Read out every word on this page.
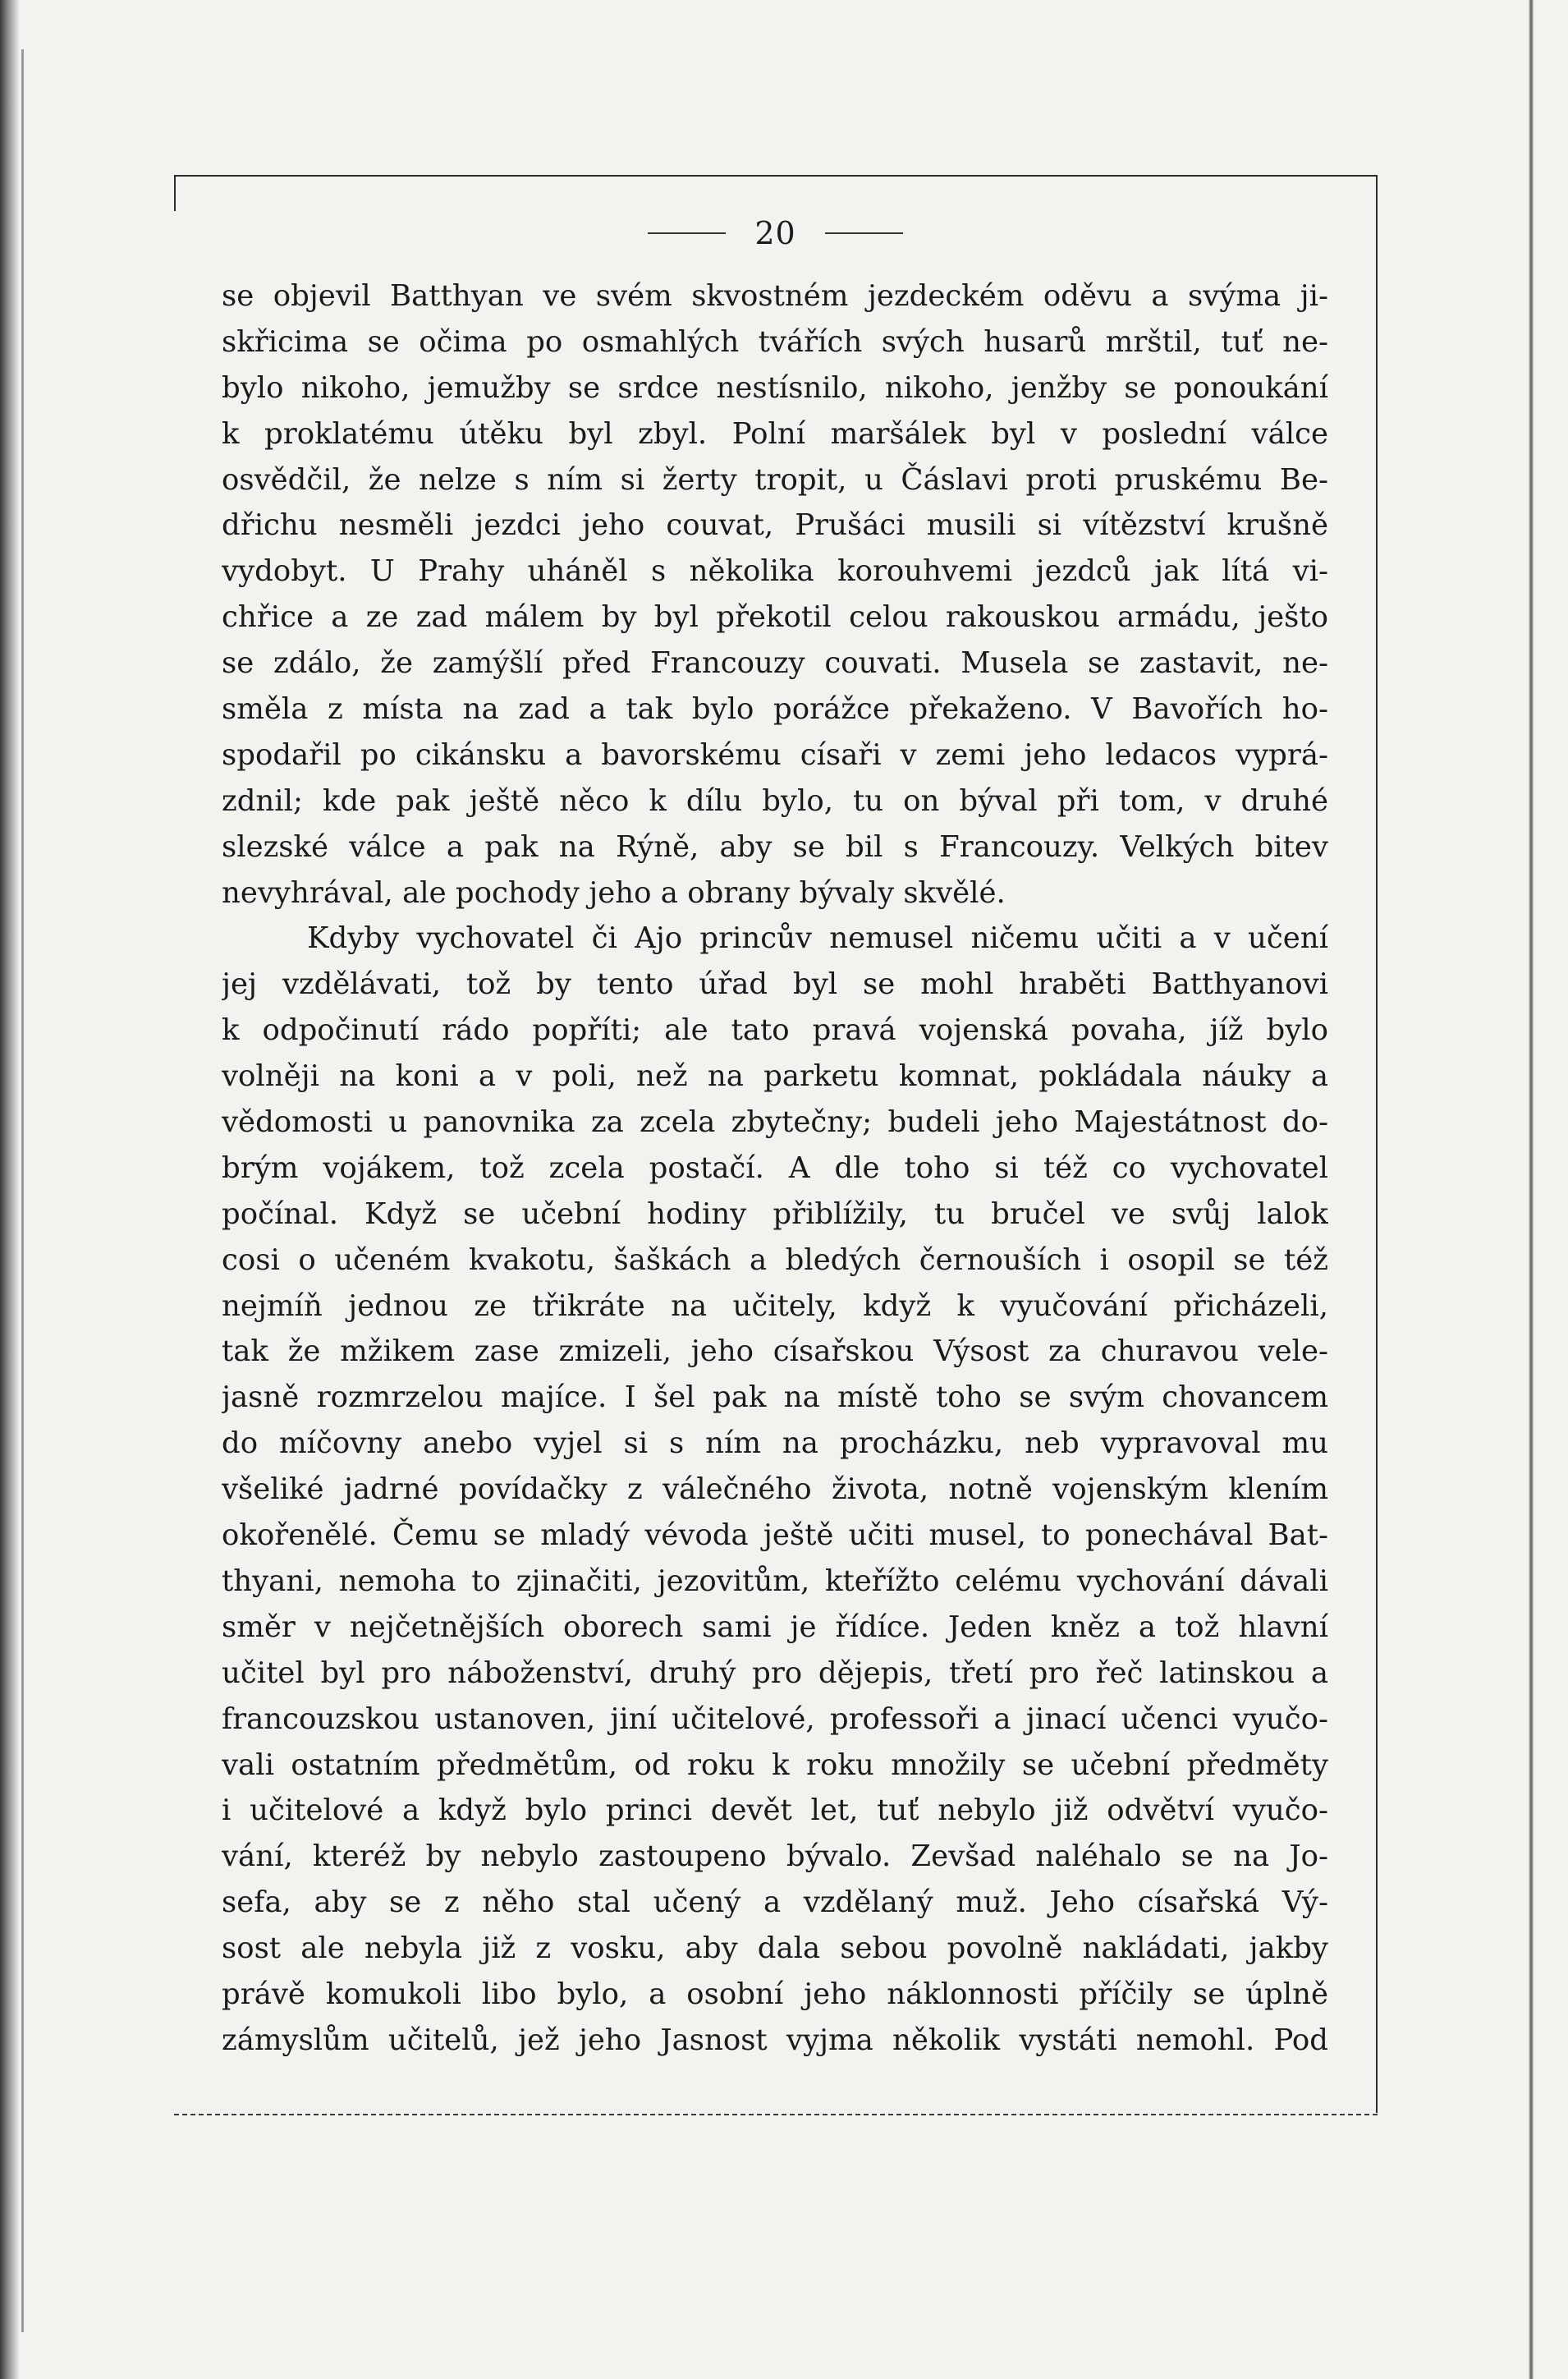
20
se objevil Batthyan ve svém skvostném jezdeckém oděvu a svýma ji-
skřicima se očima po osmahlých tvářích svých husarů mrštil, tuť ne-
bylo nikoho, jemužby se srdce nestísnilo, nikoho, jenžby se ponoukání
k proklatému útěku byl zbyl. Polní maršálek byl v poslední válce
osvědčil, že nelze s ním si žerty tropit, u Čáslavi proti pruskému Be-
dřichu nesměli jezdci jeho couvat, Prušáci musili si vítězství krušně
vydobyt. U Prahy uháněl s několika korouhvemi jezdců jak lítá vi-
chřice a ze zad málem by byl překotil celou rakouskou armádu, ješto
se zdálo, že zamýšlí před Francouzy couvati. Musela se zastavit, ne-
směla z místa na zad a tak bylo porážce překaženo. V Bavořích ho-
spodařil po cikánsku a bavorskému císaři v zemi jeho ledacos vyprá-
zdnil; kde pak ještě něco k dílu bylo, tu on býval při tom, v druhé
slezské válce a pak na Rýně, aby se bil s Francouzy. Velkých bitev
nevyhrával, ale pochody jeho a obrany bývaly skvělé.
Kdyby vychovatel či Ajo princův nemusel ničemu učiti a v učení
jej vzdělávati, tož by tento úřad byl se mohl hraběti Batthyanovi
k odpočinutí rádo popříti; ale tato pravá vojenská povaha, jíž bylo
volněji na koni a v poli, než na parketu komnat, pokládala náuky a
vědomosti u panovnika za zcela zbytečny; budeli jeho Majestátnost do-
brým vojákem, tož zcela postačí. A dle toho si též co vychovatel
počínal. Když se učební hodiny přiblížily, tu bručel ve svůj lalok
cosi o učeném kvakotu, šaškách a bledých černouších i osopil se též
nejmíň jednou ze třikráte na učitely, když k vyučování přicházeli,
tak že mžikem zase zmizeli, jeho císařskou Výsost za churavou vele-
jasně rozmrzelou majíce. I šel pak na místě toho se svým chovancem
do míčovny anebo vyjel si s ním na procházku, neb vypravoval mu
všeliké jadrné povídačky z válečného života, notně vojenským klením
okořenělé. Čemu se mladý vévoda ještě učiti musel, to ponechával Bat-
thyani, nemoha to zjinačiti, jezovitům, kteřížto celému vychování dávali
směr v nejčetnějších oborech sami je řídíce. Jeden kněz a tož hlavní
učitel byl pro náboženství, druhý pro dějepis, třetí pro řeč latinskou a
francouzskou ustanoven, jiní učitelové, professoři a jinací učenci vyučo-
vali ostatním předmětům, od roku k roku množily se učební předměty
i učitelové a když bylo princi devět let, tuť nebylo již odvětví vyučo-
vání, kteréž by nebylo zastoupeno bývalo. Zevšad naléhalo se na Jo-
sefa, aby se z něho stal učený a vzdělaný muž. Jeho císařská Vý-
sost ale nebyla již z vosku, aby dala sebou povolně nakládati, jakby
právě komukoli libo bylo, a osobní jeho náklonnosti příčily se úplně
zámyslům učitelů, jež jeho Jasnost vyjma několik vystáti nemohl. Pod
